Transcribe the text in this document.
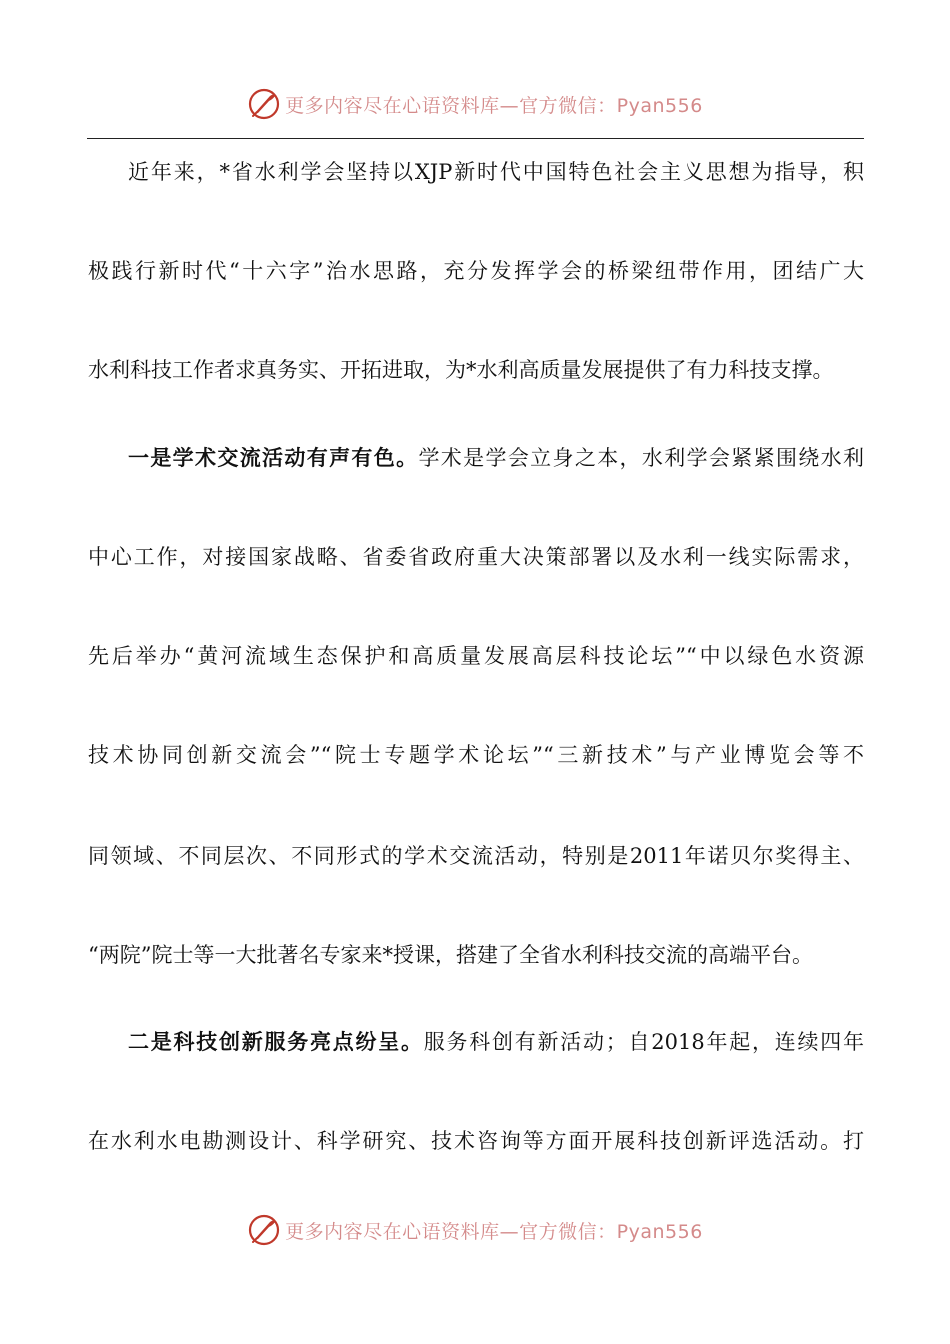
更多内容尽在心语资料库—官方微信：Pyan556
近年来，*省水利学会坚持以XJP新时代中国特色社会主义思想为指导，积
极践行新时代“十六字”治水思路，充分发挥学会的桥梁纽带作用，团结广大
水利科技工作者求真务实、开拓进取，为*水利高质量发展提供了有力科技支撑。
一是学术交流活动有声有色。学术是学会立身之本，水利学会紧紧围绕水利
中心工作，对接国家战略、省委省政府重大决策部署以及水利一线实际需求，
先后举办“黄河流域生态保护和高质量发展高层科技论坛”“中以绿色水资源
技术协同创新交流会”“院士专题学术论坛”“三新技术”与产业博览会等不
同领域、不同层次、不同形式的学术交流活动，特别是2011年诺贝尔奖得主、
“两院”院士等一大批著名专家来*授课，搭建了全省水利科技交流的高端平台。
二是科技创新服务亮点纷呈。服务科创有新活动；自2018年起，连续四年
在水利水电勘测设计、科学研究、技术咨询等方面开展科技创新评选活动。打
更多内容尽在心语资料库—官方微信：Pyan556
